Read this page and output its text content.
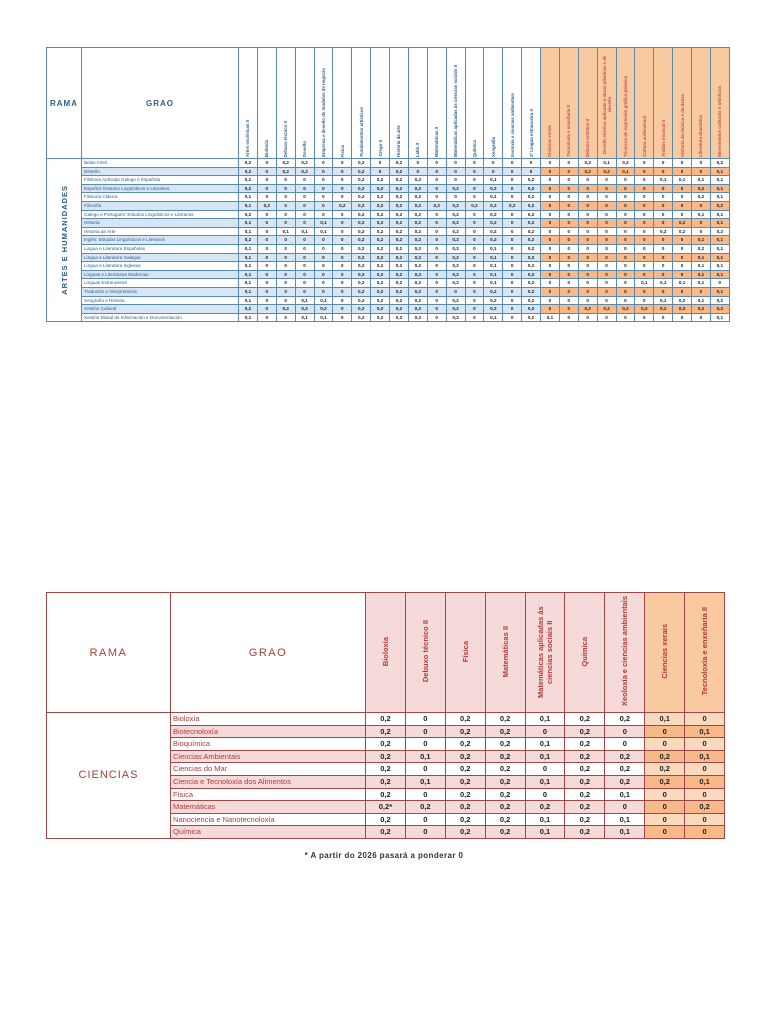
RAMA	GRAO	Artes escénicas II	Bioloxía	Debuxo técnico II	Deseño	Empresa e deseño de modelos de negocio	Física	Fundamentos artísticos	Grego II	Historia da arte	Latín II	Matemáticas II	Matemáticas aplicadas ás ciencias sociais II	Química	Xeografía	Xeoloxía e ciencias ambientais	2ª Lingua estranxeira II	Ciencias xerais	Tecnoloxía e enxeñaría II	Debuxo artístico II	Deseño técnico aplicado a obras plásticas e de deseño	Técnicas de expresión gráfico-plástica	Cultura audiovisual	Análise musical II	Historia da música e da danza	Literatura dramática	Movementos culturais e artísticos
ARTES E HUMANIDADES	Belas Artes	0,2	0	0,2	0,2	0	0	0,2	0	0,2	0	0	0	0	0	0	0	0	0	0,2	0,1	0,2	0	0	0	0	0,2
	Deseño	0,2	0	0,2	0,2	0	0	0,2	0	0,2	0	0	0	0	0	0	0	0	0	0,2	0,2	0,1	0	0	0	0	0,1
	Filoloxía Aplicada Galego e Española	0,1	0	0	0	0	0	0,2	0,2	0,2	0,2	0	0	0	0,1	0	0,2	0	0	0	0	0	0	0,1	0,1	0,1	0,1
	Español: Estudos Lingüísticos e Literarios	0,2	0	0	0	0	0	0,2	0,2	0,2	0,2	0	0,2	0	0,2	0	0,2	0	0	0	0	0	0	0	0	0,2	0,1
	Filoloxía Clásica	0,1	0	0	0	0	0	0,2	0,2	0,2	0,2	0	0	0	0,1	0	0,2	0	0	0	0	0	0	0	0	0,2	0,1
	Filosofía	0,1	0,2	0	0	0	0,2	0,2	0,2	0,2	0,2	0,2	0,2	0,2	0,2	0,2	0,2	0	0	0	0	0	0	0	0	0	0,2
	Galego e Portugués: Estudos Lingüísticos e Literarios	0,2	0	0	0	0	0	0,2	0,2	0,2	0,2	0	0,2	0	0,2	0	0,2	0	0	0	0	0	0	0	0	0,1	0,1
	Historia	0,1	0	0	0	0,1	0	0,2	0,2	0,2	0,2	0	0,2	0	0,2	0	0,2	0	0	0	0	0	0	0	0,2	0	0,1
	Historia da Arte	0,1	0	0,1	0,1	0,1	0	0,2	0,2	0,2	0,2	0	0,2	0	0,2	0	0,2	0	0	0	0	0	0	0,2	0,2	0	0,2
	Inglés: Estudos Lingüísticos e Literarios	0,2	0	0	0	0	0	0,2	0,2	0,2	0,2	0	0,2	0	0,2	0	0,2	0	0	0	0	0	0	0	0	0,1	0,1
	Lingua e Literatura Españolas	0,1	0	0	0	0	0	0,2	0,2	0,2	0,2	0	0,2	0	0,1	0	0,2	0	0	0	0	0	0	0	0	0,2	0,1
	Lingua e Literatura Galegas	0,1	0	0	0	0	0	0,2	0,2	0,2	0,2	0	0,2	0	0,1	0	0,2	0	0	0	0	0	0	0	0	0,1	0,1
	Lingua e Literatura Inglesas	0,1	0	0	0	0	0	0,2	0,2	0,2	0,2	0	0,2	0	0,1	0	0,2	0	0	0	0	0	0	0	0	0,1	0,1
	Linguas e Literaturas Modernas	0,1	0	0	0	0	0	0,2	0,2	0,2	0,2	0	0,2	0	0,1	0	0,2	0	0	0	0	0	0	0	0	0,1	0,1
	Linguas Estranxeiras	0,1	0	0	0	0	0	0,2	0,2	0,2	0,2	0	0,2	0	0,1	0	0,2	0	0	0	0	0	0,1	0,1	0,1	0,1	0
	Tradución e Interpretación	0,1	0	0	0	0	0	0,2	0,2	0,2	0,2	0	0	0	0,2	0	0,2	0	0	0	0	0	0	0	0	0	0,1
	Xeografía e Historia	0,1	0	0	0,1	0,1	0	0,2	0,2	0,2	0,2	0	0,2	0	0,2	0	0,2	0	0	0	0	0	0	0,1	0,2	0,1	0,2
	Xestión Cultural	0,2	0	0,2	0,2	0,2	0	0,2	0,2	0,2	0,2	0	0,2	0	0,2	0	0,2	0	0	0,2	0,2	0,2	0,2	0,2	0,2	0,2	0,2
	Xestión Dixital de Información e Documentación	0,1	0	0	0,1	0,1	0	0,2	0,2	0,2	0,2	0	0,2	0	0,1	0	0,2	0,1	0	0	0	0	0	0	0	0	0,1
RAMA	GRAO	Bioloxía	Debuxo técnico II	Física	Matemáticas II	Matemáticas aplicadas ás ciencias sociais II	Química	Xeoloxía e ciencias ambientais	Ciencias xerais	Tecnoloxía e enxeñaría II
CIENCIAS	Bioloxía	0,2	0	0,2	0,2	0,1	0,2	0,2	0,1	0
	Biotecnoloxía	0,2	0	0,2	0,2	0	0,2	0	0	0,1
	Bioquímica	0,2	0	0,2	0,2	0,1	0,2	0	0	0
	Ciencias Ambientais	0,2	0,1	0,2	0,2	0,1	0,2	0,2	0,2	0,1
	Ciencias do Mar	0,2	0	0,2	0,2	0	0,2	0,2	0,2	0
	Ciencia e Tecnoloxía dos Alimentos	0,2	0,1	0,2	0,2	0,1	0,2	0,2	0,2	0,1
	Física	0,2	0	0,2	0,2	0	0,2	0,1	0	0
	Matemáticas	0,2*	0,2	0,2	0,2	0,2	0,2	0	0	0,2
	Nanociencia e Nanotecnoloxía	0,2	0	0,2	0,2	0,1	0,2	0,1	0	0
	Química	0,2	0	0,2	0,2	0,1	0,2	0,1	0	0
* A partir do 2026 pasará a ponderar 0
